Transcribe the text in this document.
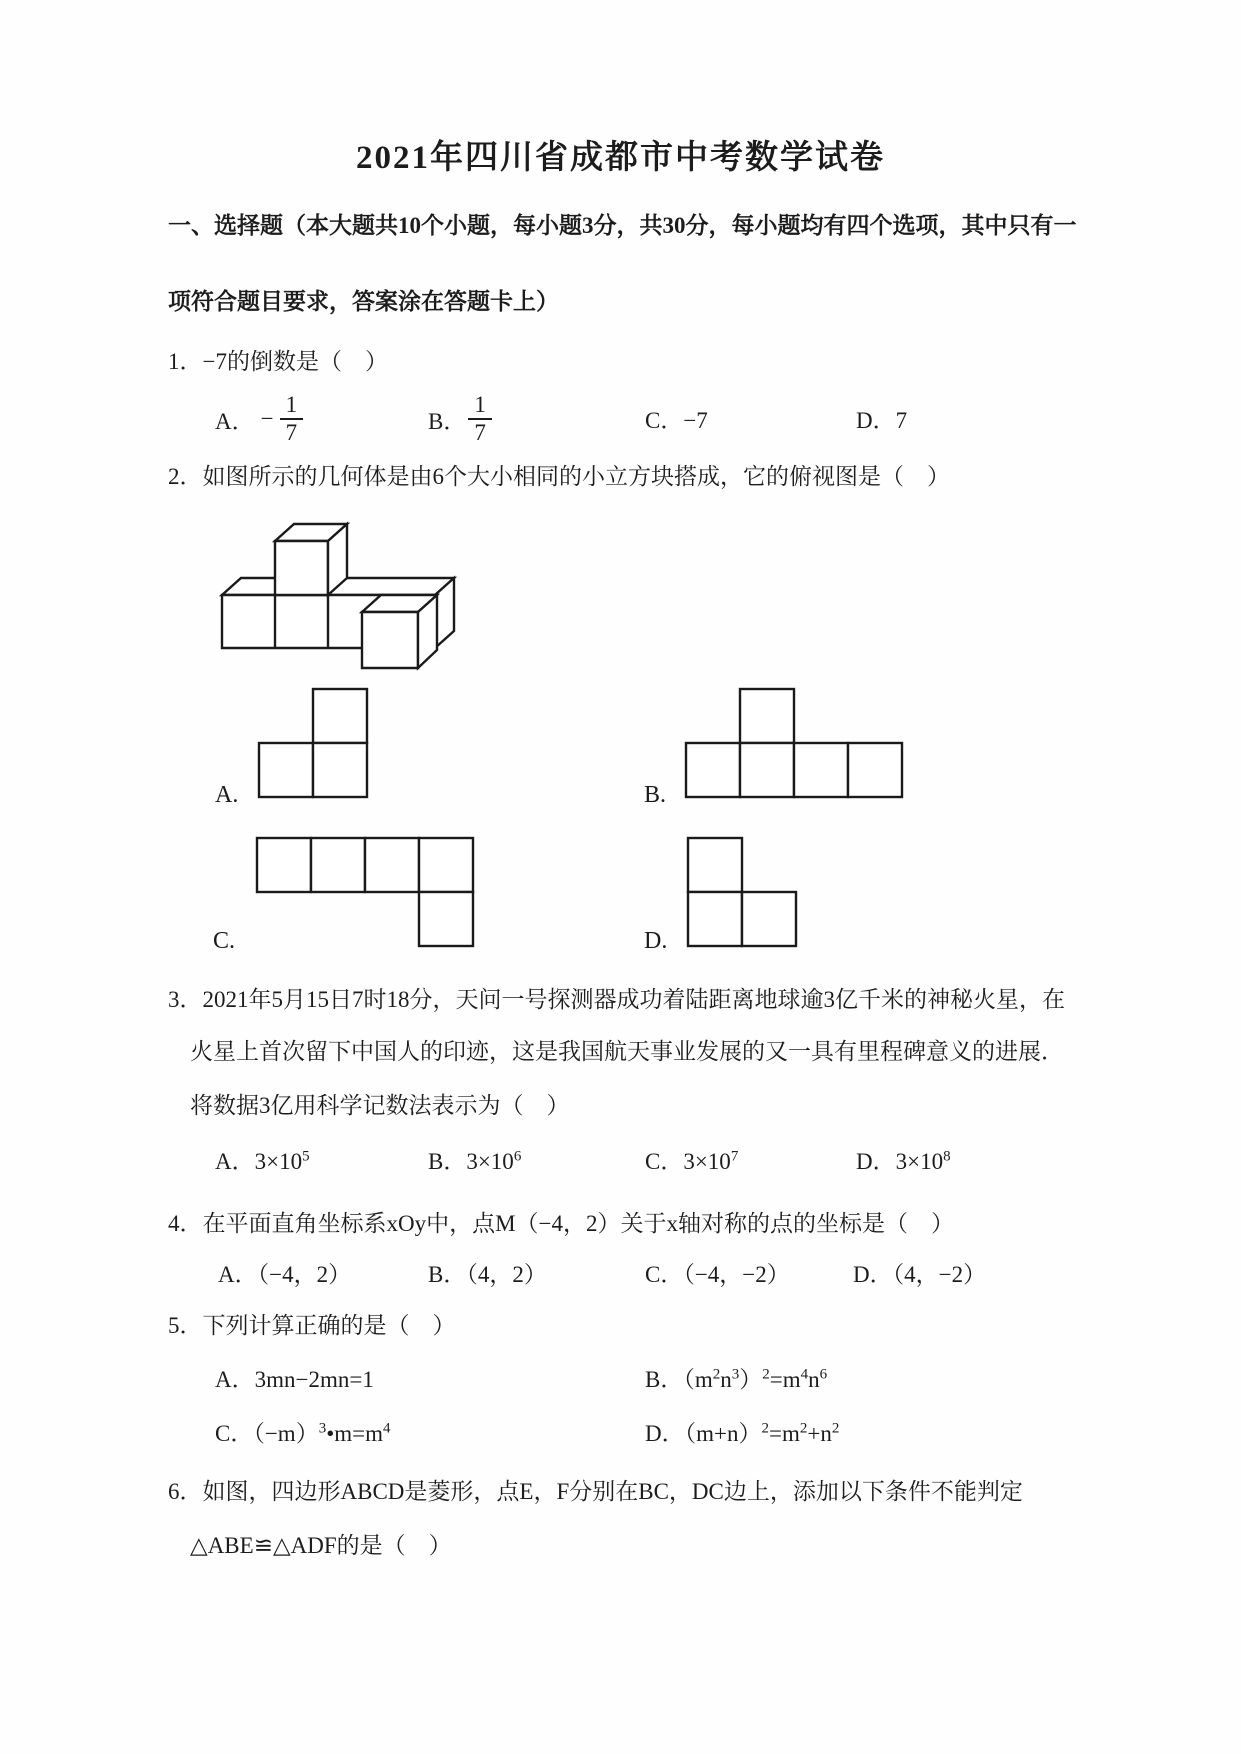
2021年四川省成都市中考数学试卷
一、选择题（本大题共10个小题，每小题3分，共30分，每小题均有四个选项，其中只有一
项符合题目要求，答案涂在答题卡上）
1．−7的倒数是（　）
A． − $\frac{1}{7}$	B． $\frac{1}{7}$	C．−7	D．7
2．如图所示的几何体是由6个大小相同的小立方块搭成，它的俯视图是（　）
A.	B.
C.	D.
3．2021年5月15日7时18分，天问一号探测器成功着陆距离地球逾3亿千米的神秘火星，在
火星上首次留下中国人的印迹，这是我国航天事业发展的又一具有里程碑意义的进展．
将数据3亿用科学记数法表示为（　）
A．$3\times 10^5$	B．$3\times 10^6$	C．$3\times 10^7$	D．$3\times 10^8$
4．在平面直角坐标系xOy中，点M（−4，2）关于x轴对称的点的坐标是（　）
A．（−4，2）	B．（4，2）	C．（−4，−2）	D．（4，−2）
5．下列计算正确的是（　）
A．3mn−2mn=1	B．$(m^2n^3)^2=m^4n^6$
C．$(-m)^3•m=m^4$	D．$(m+n)^2=m^2+n^2$
6．如图，四边形ABCD是菱形，点E，F分别在BC，DC边上，添加以下条件不能判定
△ABE≌△ADF的是（　）
